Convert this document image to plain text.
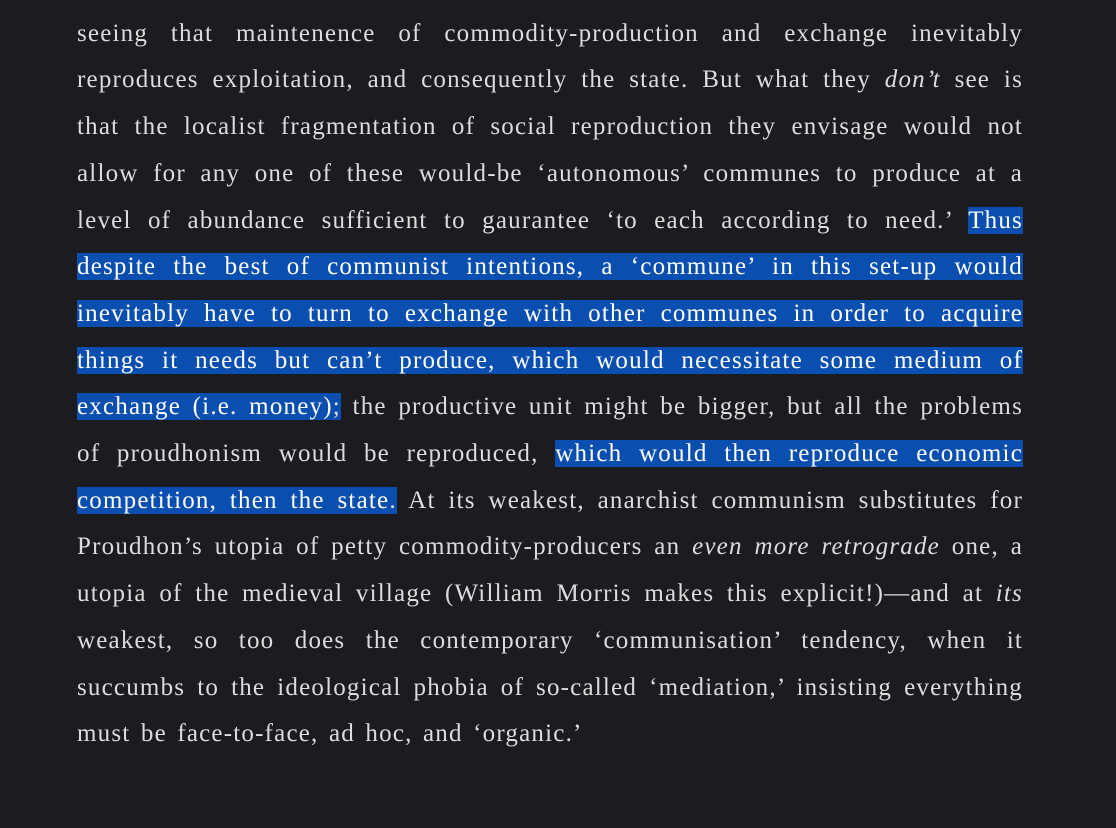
seeing that maintenence of commodity-production and exchange inevitably reproduces exploitation, and consequently the state. But what they don’t see is that the localist fragmentation of social reproduction they envisage would not allow for any one of these would-be ‘autonomous’ communes to produce at a level of abundance sufficient to gaurantee ‘to each according to need.’ Thus despite the best of communist intentions, a ‘commune’ in this set-up would inevitably have to turn to exchange with other communes in order to acquire things it needs but can’t produce, which would necessitate some medium of exchange (i.e. money); the productive unit might be bigger, but all the problems of proudhonism would be reproduced, which would then reproduce economic competition, then the state. At its weakest, anarchist communism substitutes for Proudhon’s utopia of petty commodity-producers an even more retrograde one, a utopia of the medieval village (William Morris makes this explicit!)—and at its weakest, so too does the contemporary ‘communisation’ tendency, when it succumbs to the ideological phobia of so-called ‘mediation,’ insisting everything must be face-to-face, ad hoc, and ‘organic.’
